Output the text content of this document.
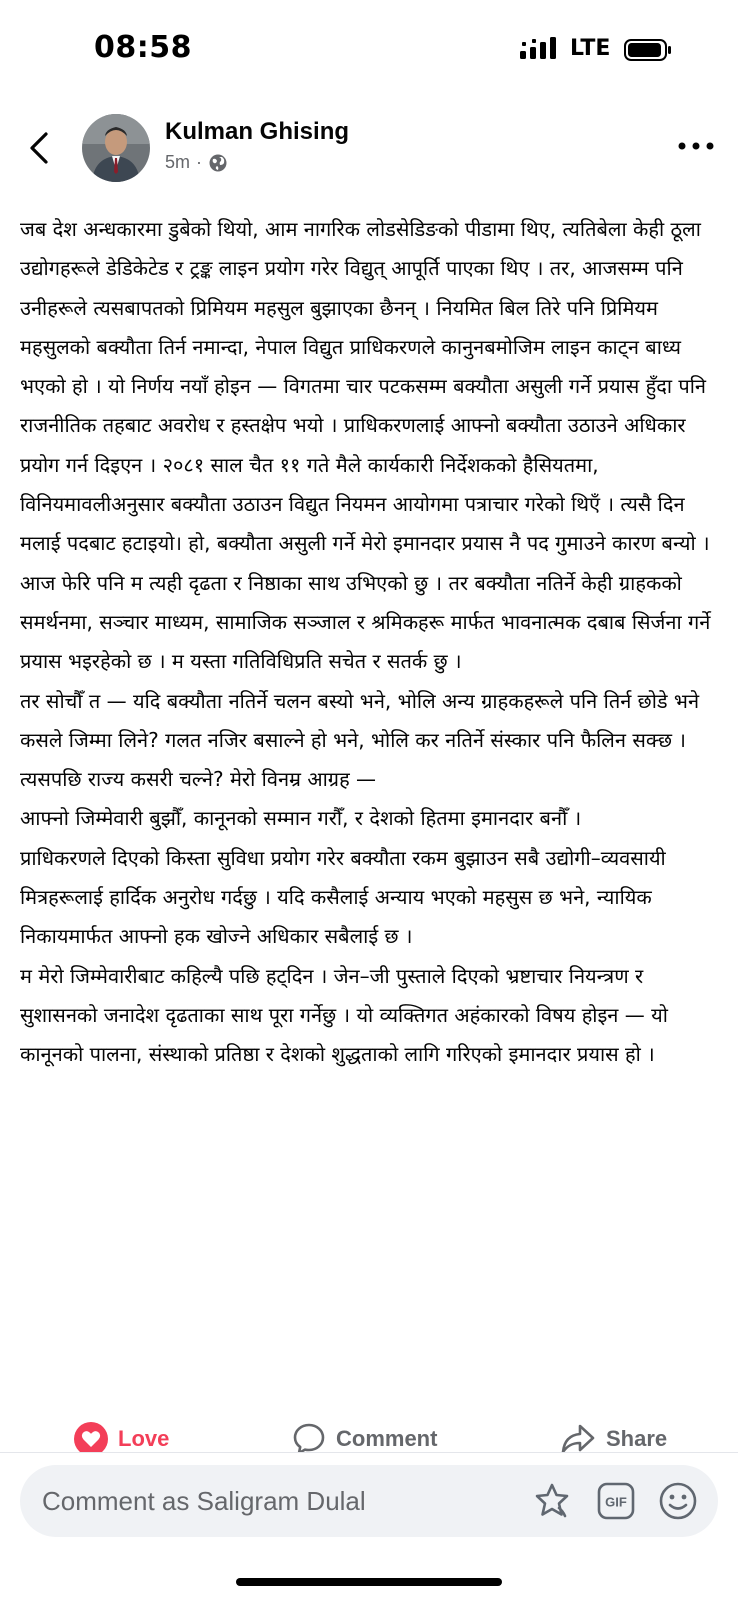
08:58	LTE
Kulman Ghising
5m ·

जब देश अन्धकारमा डुबेको थियो, आम नागरिक लोडसेडिङको पीडामा थिए, त्यतिबेला केही ठूला उद्योगहरूले डेडिकेटेड र ट्रङ्क लाइन प्रयोग गरेर विद्युत् आपूर्ति पाएका थिए । तर, आजसम्म पनि उनीहरूले त्यसबापतको प्रिमियम महसुल बुझाएका छैनन् । नियमित बिल तिरे पनि प्रिमियम महसुलको बक्यौता तिर्न नमान्दा, नेपाल विद्युत प्राधिकरणले कानुनबमोजिम लाइन काट्न बाध्य भएको हो । यो निर्णय नयाँ होइन — विगतमा चार पटकसम्म बक्यौता असुली गर्ने प्रयास हुँदा पनि राजनीतिक तहबाट अवरोध र हस्तक्षेप भयो । प्राधिकरणलाई आफ्नो बक्यौता उठाउने अधिकार प्रयोग गर्न दिइएन । २०८१ साल चैत ११ गते मैले कार्यकारी निर्देशकको हैसियतमा, विनियमावलीअनुसार बक्यौता उठाउन विद्युत नियमन आयोगमा पत्राचार गरेको थिएँ । त्यसै दिन मलाई पदबाट हटाइयो। हो, बक्यौता असुली गर्ने मेरो इमानदार प्रयास नै पद गुमाउने कारण बन्यो ।

आज फेरि पनि म त्यही दृढता र निष्ठाका साथ उभिएको छु । तर बक्यौता नतिर्ने केही ग्राहकको समर्थनमा, सञ्चार माध्यम, सामाजिक सञ्जाल र श्रमिकहरू मार्फत भावनात्मक दबाब सिर्जना गर्ने प्रयास भइरहेको छ । म यस्ता गतिविधिप्रति सचेत र सतर्क छु ।

तर सोचौँ त — यदि बक्यौता नतिर्ने चलन बस्यो भने, भोलि अन्य ग्राहकहरूले पनि तिर्न छोडे भने कसले जिम्मा लिने? गलत नजिर बसाल्ने हो भने, भोलि कर नतिर्ने संस्कार पनि फैलिन सक्छ । त्यसपछि राज्य कसरी चल्ने? मेरो विनम्र आग्रह —

आफ्नो जिम्मेवारी बुझौँ, कानूनको सम्मान गरौँ, र देशको हितमा इमानदार बनौँ ।

प्राधिकरणले दिएको किस्ता सुविधा प्रयोग गरेर बक्यौता रकम बुझाउन सबै उद्योगी–व्यवसायी मित्रहरूलाई हार्दिक अनुरोध गर्दछु । यदि कसैलाई अन्याय भएको महसुस छ भने, न्यायिक निकायमार्फत आफ्नो हक खोज्ने अधिकार सबैलाई छ ।

म मेरो जिम्मेवारीबाट कहिल्यै पछि हट्दिन । जेन–जी पुस्ताले दिएको भ्रष्टाचार नियन्त्रण र सुशासनको जनादेश दृढताका साथ पूरा गर्नेछु । यो व्यक्तिगत अहंकारको विषय होइन — यो कानूनको पालना, संस्थाको प्रतिष्ठा र देशको शुद्धताको लागि गरिएको इमानदार प्रयास हो ।

Love	Comment	Share
Comment as Saligram Dulal
GIF
